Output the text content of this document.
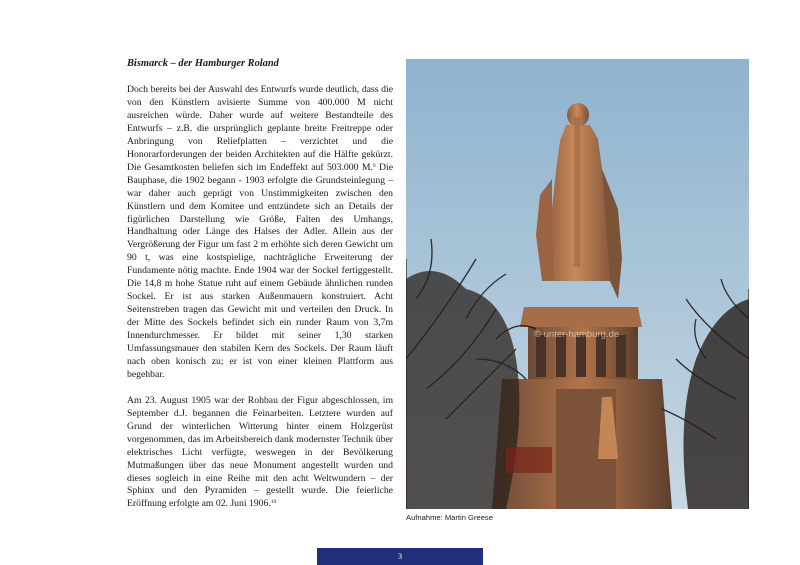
Bismarck – der Hamburger Roland

Doch bereits bei der Auswahl des Entwurfs wurde deutlich, dass die von den Künstlern avisierte Summe von 400.000 M nicht ausreichen würde. Daher wurde auf weitere Bestandteile des Entwurfs – z.B. die ursprünglich geplante breite Freitreppe oder Anbringung von Reliefplatten – verzichtet und die Honorarforderungen der beiden Architekten auf die Hälfte gekürzt. Die Gesamtkosten beliefen sich im Endeffekt auf 503.000 M.$^9$ Die Bauphase, die 1902 begann - 1903 erfolgte die Grundsteinlegung – war daher auch geprägt von Unstimmigkeiten zwischen den Künstlern und dem Komitee und entzündete sich an Details der figürlichen Darstellung wie Größe, Falten des Umhangs, Handhaltung oder Länge des Halses der Adler. Allein aus der Vergrößerung der Figur um fast 2 m erhöhte sich deren Gewicht um 90 t, was eine kostspielige, nachträgliche Erweiterung der Fundamente nötig machte. Ende 1904 war der Sockel fertiggestellt. Die 14,8 m hohe Statue ruht auf einem Gebäude ähnlichen runden Sockel. Er ist aus starken Außenmauern konstruiert. Acht Seitenstreben tragen das Gewicht mit und verteilen den Druck. In der Mitte des Sockels befindet sich ein runder Raum von 3,7m Innendurchmesser. Er bildet mit seiner 1,30 starken Umfassungsmauer den stabilen Kern des Sockels. Der Raum läuft nach oben konisch zu; er ist von einer kleinen Plattform aus begehbar.

Am 23. August 1905 war der Rohbau der Figur abgeschlossen, im September d.J. begannen die Feinarbeiten. Letztere wurden auf Grund der winterlichen Witterung hinter einem Holzgerüst vorgenommen, das im Arbeitsbereich dank modernster Technik über elektrisches Licht verfügte, weswegen in der Bevölkerung Mutmaßungen über das neue Monument angestellt wurden und dieses sogleich in eine Reihe mit den acht Weltwundern – der Sphinx und den Pyramiden – gestellt wurde. Die feierliche Eröffnung erfolgte am 02. Juni 1906.10

© unter-hamburg.de
Aufnahme: Martin Greese
3
